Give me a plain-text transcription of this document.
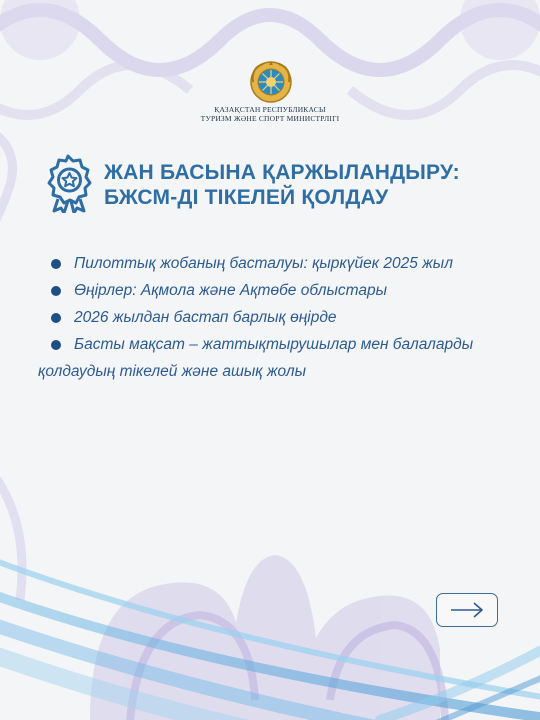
ҚАЗАҚСТАН РЕСПУБЛИКАСЫ
ТУРИЗМ ЖӘНЕ СПОРТ МИНИСТРЛІГІ
ЖАН БАСЫНА ҚАРЖЫЛАНДЫРУ:
БЖСМ-ДІ ТІКЕЛЕЙ ҚОЛДАУ
Пилоттық жобаның басталуы: қыркүйек 2025 жыл
Өңірлер: Ақмола және Ақтөбе облыстары
2026 жылдан бастап барлық өңірде
Басты мақсат – жаттықтырушылар мен балаларды қолдаудың тікелей және ашық жолы
